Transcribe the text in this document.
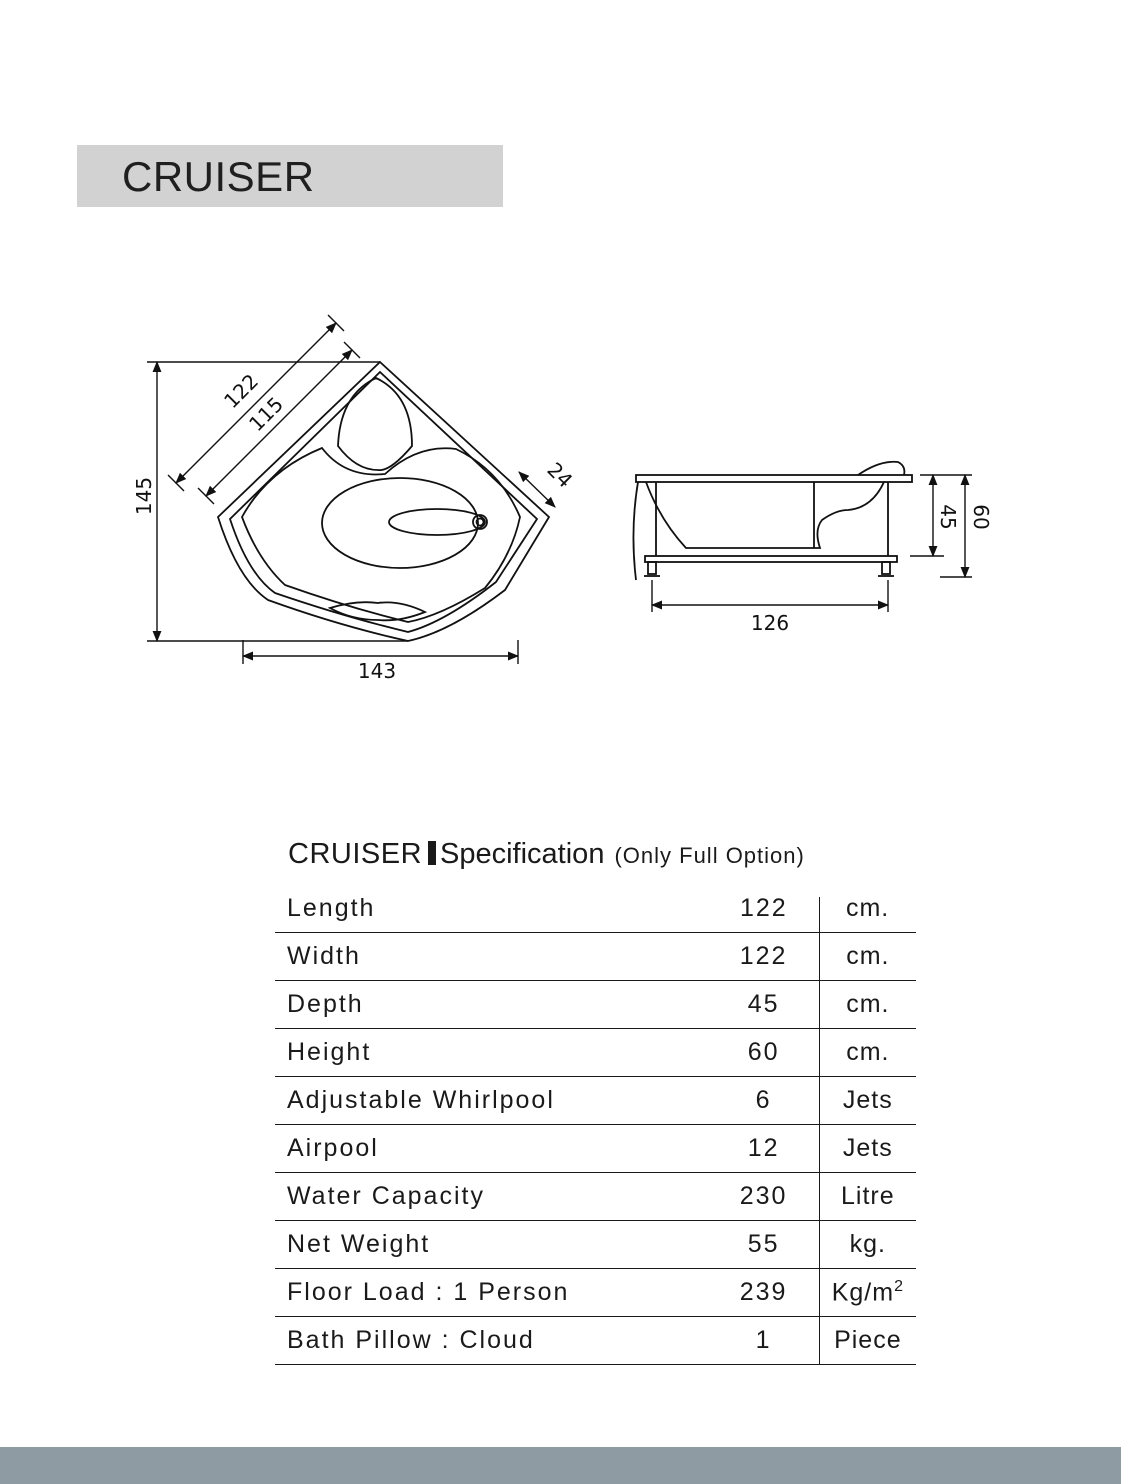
CRUISER
122
115
24
145
143
45 60
126
CRUISER Specification (Only Full Option)
Length	122	cm.
Width	122	cm.
Depth	45	cm.
Height	60	cm.
Adjustable Whirlpool	6	Jets
Airpool	12	Jets
Water Capacity	230	Litre
Net Weight	55	kg.
Floor Load : 1 Person	239	$Kg/m^2$
Bath Pillow : Cloud	1	Piece
